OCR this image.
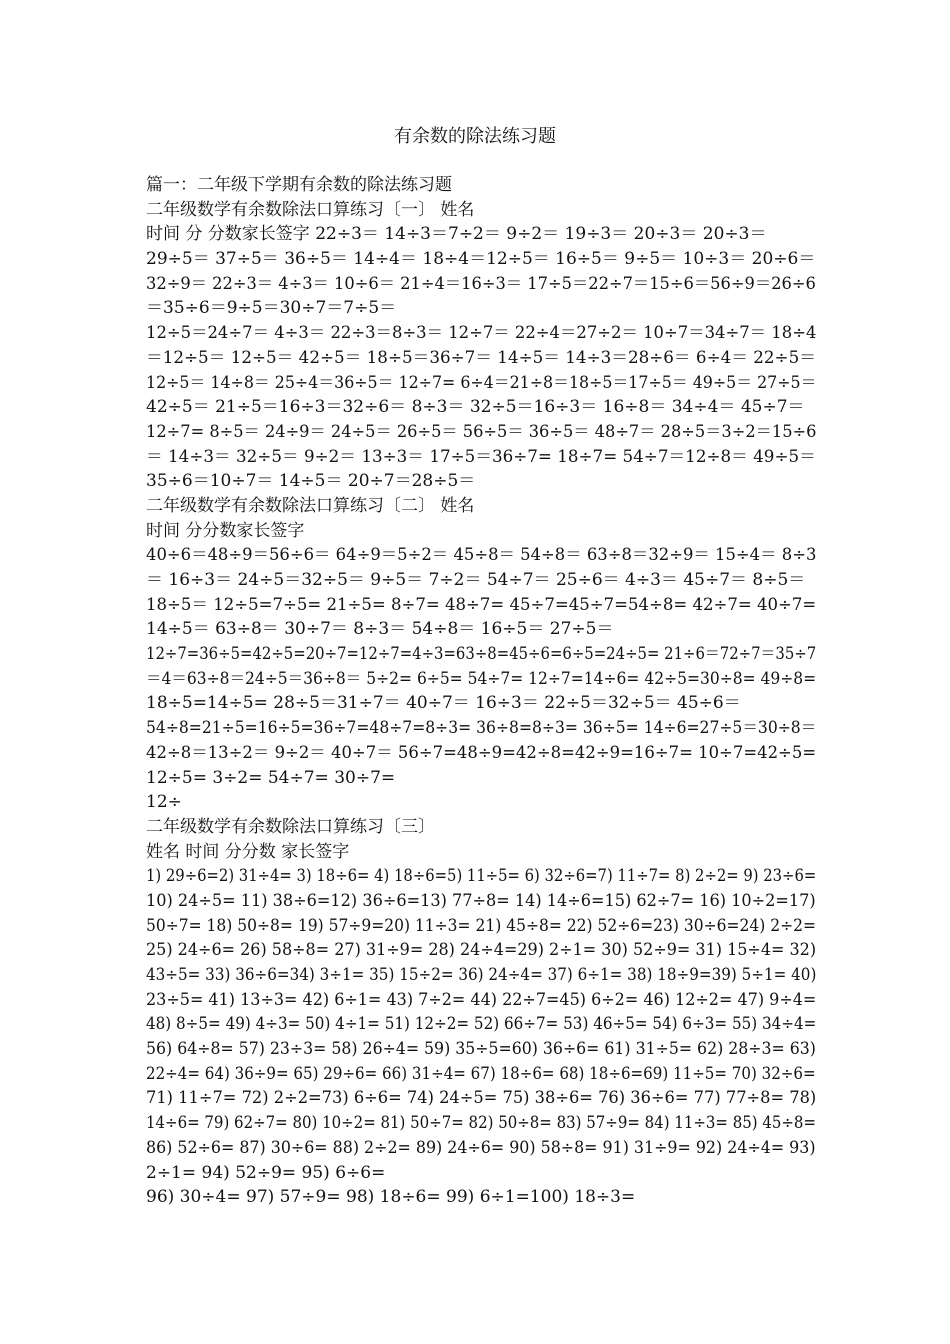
有余数的除法练习题
篇一：二年级下学期有余数的除法练习题
二年级数学有余数除法口算练习〔一〕 姓名
时间 分 分数家长签字 22÷3＝ 14÷3＝7÷2＝ 9÷2＝ 19÷3＝ 20÷3＝ 20÷3＝
29÷5＝ 37÷5＝ 36÷5＝ 14÷4＝ 18÷4＝12÷5＝ 16÷5＝ 9÷5＝ 10÷3＝ 20÷6＝
32÷9＝ 22÷3＝ 4÷3＝ 10÷6＝ 21÷4＝16÷3＝ 17÷5＝22÷7＝15÷6＝56÷9＝26÷6
＝35÷6＝9÷5＝30÷7＝7÷5＝
12÷5＝24÷7＝ 4÷3＝ 22÷3＝8÷3＝ 12÷7＝ 22÷4＝27÷2＝ 10÷7＝34÷7＝ 18÷4
＝12÷5＝ 12÷5＝ 42÷5＝ 18÷5＝36÷7＝ 14÷5＝ 14÷3＝28÷6＝ 6÷4＝ 22÷5＝
12÷5＝ 14÷8＝ 25÷4＝36÷5＝ 12÷7= 6÷4＝21÷8＝18÷5＝17÷5＝ 49÷5＝ 27÷5＝
42÷5＝ 21÷5＝16÷3＝32÷6＝ 8÷3＝ 32÷5＝16÷3＝ 16÷8＝ 34÷4＝ 45÷7＝
12÷7= 8÷5＝ 24÷9＝ 24÷5＝ 26÷5＝ 56÷5＝ 36÷5＝ 48÷7＝ 28÷5＝3÷2＝15÷6
＝ 14÷3＝ 32÷5＝ 9÷2＝ 13÷3＝ 17÷5＝36÷7= 18÷7= 54÷7＝12÷8＝ 49÷5＝
35÷6＝10÷7＝ 14÷5＝ 20÷7＝28÷5＝
二年级数学有余数除法口算练习〔二〕 姓名
时间 分分数家长签字
40÷6＝48÷9＝56÷6＝ 64÷9＝5÷2＝ 45÷8＝ 54÷8＝ 63÷8＝32÷9＝ 15÷4＝ 8÷3
＝ 16÷3＝ 24÷5＝32÷5＝ 9÷5＝ 7÷2＝ 54÷7＝ 25÷6＝ 4÷3＝ 45÷7＝ 8÷5＝
18÷5＝ 12÷5=7÷5= 21÷5= 8÷7= 48÷7= 45÷7=45÷7=54÷8= 42÷7= 40÷7=
14÷5＝ 63÷8＝ 30÷7＝ 8÷3＝ 54÷8＝ 16÷5＝ 27÷5＝
12÷7=36÷5=42÷5=20÷7=12÷7=4÷3=63÷8=45÷6=6÷5=24÷5= 21÷6＝72÷7＝35÷7
＝4＝63÷8＝24÷5＝36÷8＝ 5÷2= 6÷5= 54÷7= 12÷7=14÷6= 42÷5=30÷8= 49÷8=
18÷5=14÷5= 28÷5＝31÷7＝ 40÷7＝ 16÷3＝ 22÷5＝32÷5＝ 45÷6＝
54÷8=21÷5=16÷5=36÷7=48÷7=8÷3= 36÷8=8÷3= 36÷5= 14÷6=27÷5＝30÷8＝
42÷8＝13÷2＝ 9÷2＝ 40÷7＝ 56÷7=48÷9=42÷8=42÷9=16÷7= 10÷7=42÷5=
12÷5= 3÷2= 54÷7= 30÷7=
12÷
二年级数学有余数除法口算练习〔三〕
姓名 时间 分分数 家长签字
1) 29÷6=2) 31÷4= 3) 18÷6= 4) 18÷6=5) 11÷5= 6) 32÷6=7) 11÷7= 8) 2÷2= 9) 23÷6=
10) 24÷5= 11) 38÷6=12) 36÷6=13) 77÷8= 14) 14÷6=15) 62÷7= 16) 10÷2=17)
50÷7= 18) 50÷8= 19) 57÷9=20) 11÷3= 21) 45÷8= 22) 52÷6=23) 30÷6=24) 2÷2=
25) 24÷6= 26) 58÷8= 27) 31÷9= 28) 24÷4=29) 2÷1= 30) 52÷9= 31) 15÷4= 32)
43÷5= 33) 36÷6=34) 3÷1= 35) 15÷2= 36) 24÷4= 37) 6÷1= 38) 18÷9=39) 5÷1= 40)
23÷5= 41) 13÷3= 42) 6÷1= 43) 7÷2= 44) 22÷7=45) 6÷2= 46) 12÷2= 47) 9÷4=
48) 8÷5= 49) 4÷3= 50) 4÷1= 51) 12÷2= 52) 66÷7= 53) 46÷5= 54) 6÷3= 55) 34÷4=
56) 64÷8= 57) 23÷3= 58) 26÷4= 59) 35÷5=60) 36÷6= 61) 31÷5= 62) 28÷3= 63)
22÷4= 64) 36÷9= 65) 29÷6= 66) 31÷4= 67) 18÷6= 68) 18÷6=69) 11÷5= 70) 32÷6=
71) 11÷7= 72) 2÷2=73) 6÷6= 74) 24÷5= 75) 38÷6= 76) 36÷6= 77) 77÷8= 78)
14÷6= 79) 62÷7= 80) 10÷2= 81) 50÷7= 82) 50÷8= 83) 57÷9= 84) 11÷3= 85) 45÷8=
86) 52÷6= 87) 30÷6= 88) 2÷2= 89) 24÷6= 90) 58÷8= 91) 31÷9= 92) 24÷4= 93)
2÷1= 94) 52÷9= 95) 6÷6=
96) 30÷4= 97) 57÷9= 98) 18÷6= 99) 6÷1=100) 18÷3=
